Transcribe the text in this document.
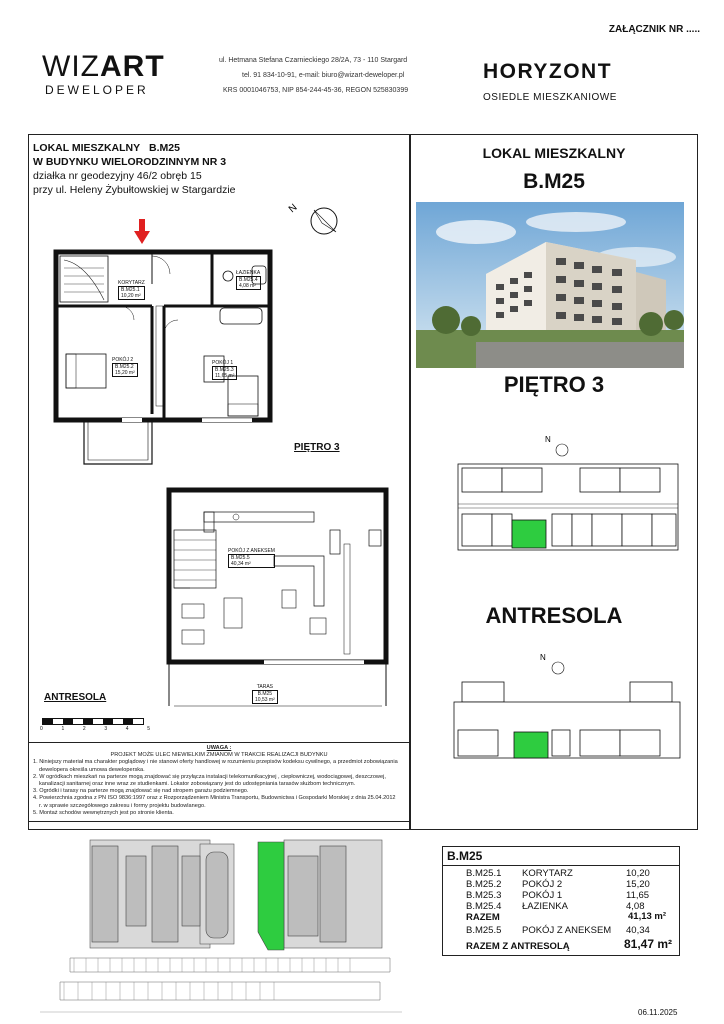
ZAŁĄCZNIK NR .....
WIZART
DEWELOPER
ul. Hetmana Stefana Czarnieckiego 28/2A, 73 - 110 Stargard
tel. 91 834-10-91, e-mail: biuro@wizart-deweloper.pl
KRS 0001046753, NIP 854-244-45-36, REGON 525830399
HORYZONT
OSIEDLE MIESZKANIOWE
LOKAL MIESZKALNY B.M25
W BUDYNKU WIELORODZINNYM NR 3
działka nr geodezyjny 46/2 obręb 15
przy ul. Heleny Żybułtowskiej w Stargardzie
N
KORYTARZ
B.M25.1
10,20 m²
ŁAZIENKA
B.M25.4
4,08 m²
POKÓJ 2
B.M25.2
15,20 m²
POKÓJ 1
B.M25.3
11,65 m²
PIĘTRO 3
POKÓJ Z ANEKSEM
B.M25.5
40,34 m²
TARAS
B.M25
10,53 m²
ANTRESOLA
0	1	2	3	4	5
UWAGA :
PROJEKT MOŻE ULEC NIEWIELKIM ZMIANOM W TRAKCIE REALIZACJI BUDYNKU
1. Niniejszy materiał ma charakter poglądowy i nie stanowi oferty handlowej w rozumieniu przepisów kodeksu cywilnego, a przedmiot zobowiązania
dewelopera określa umowa deweloperska.
2. W ogródkach mieszkań na parterze mogą znajdować się przyłącza instalacji telekomunikacyjnej , ciepłowniczej, wodociągowej, deszczowej,
kanalizacji sanitarnej oraz inne wraz ze studienkami. Lokator zobowiązany jest do udostępniania tarasów służbom technicznym.
3. Ogródki i tarasy na parterze mogą znajdować się nad stropem garażu podziemnego.
4. Powierzchnia zgodna z PN ISO 9836:1997 oraz z Rozporządzeniem Ministra Transportu, Budownictwa i Gospodarki Morskiej z dnia 25.04.2012
r. w sprawie szczegółowego zakresu i formy projektu budowlanego.
5. Montaż schodów wewnętrznych jest po stronie klienta.
LOKAL MIESZKALNY
B.M25
PIĘTRO 3
N
ANTRESOLA
N
B.M25
B.M25.1	KORYTARZ	10,20
B.M25.2	POKÓJ 2	15,20
B.M25.3	POKÓJ 1	11,65
B.M25.4	ŁAZIENKA	4,08
RAZEM	41,13 m²
B.M25.5	POKÓJ Z ANEKSEM	40,34
RAZEM Z ANTRESOLĄ	81,47 m²
06.11.2025
